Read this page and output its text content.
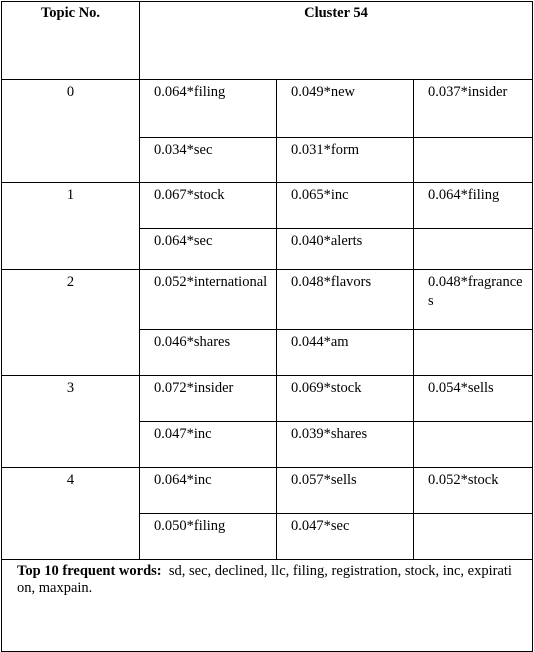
Topic No.	Cluster 54		

0	0.064*filing	0.049*new	0.037*insider

	0.034*sec	0.031*form	

1	0.067*stock	0.065*inc	0.064*filing

	0.064*sec	0.040*alerts	

2	0.052*international	0.048*flavors	0.048*fragrances

	0.046*shares	0.044*am	

3	0.072*insider	0.069*stock	0.054*sells

	0.047*inc	0.039*shares	

4	0.064*inc	0.057*sells	0.052*stock

	0.050*filing	0.047*sec	

Top 10 frequent words: sd, sec, declined, llc, filing, registration, stock, inc, expiration, maxpain.			
